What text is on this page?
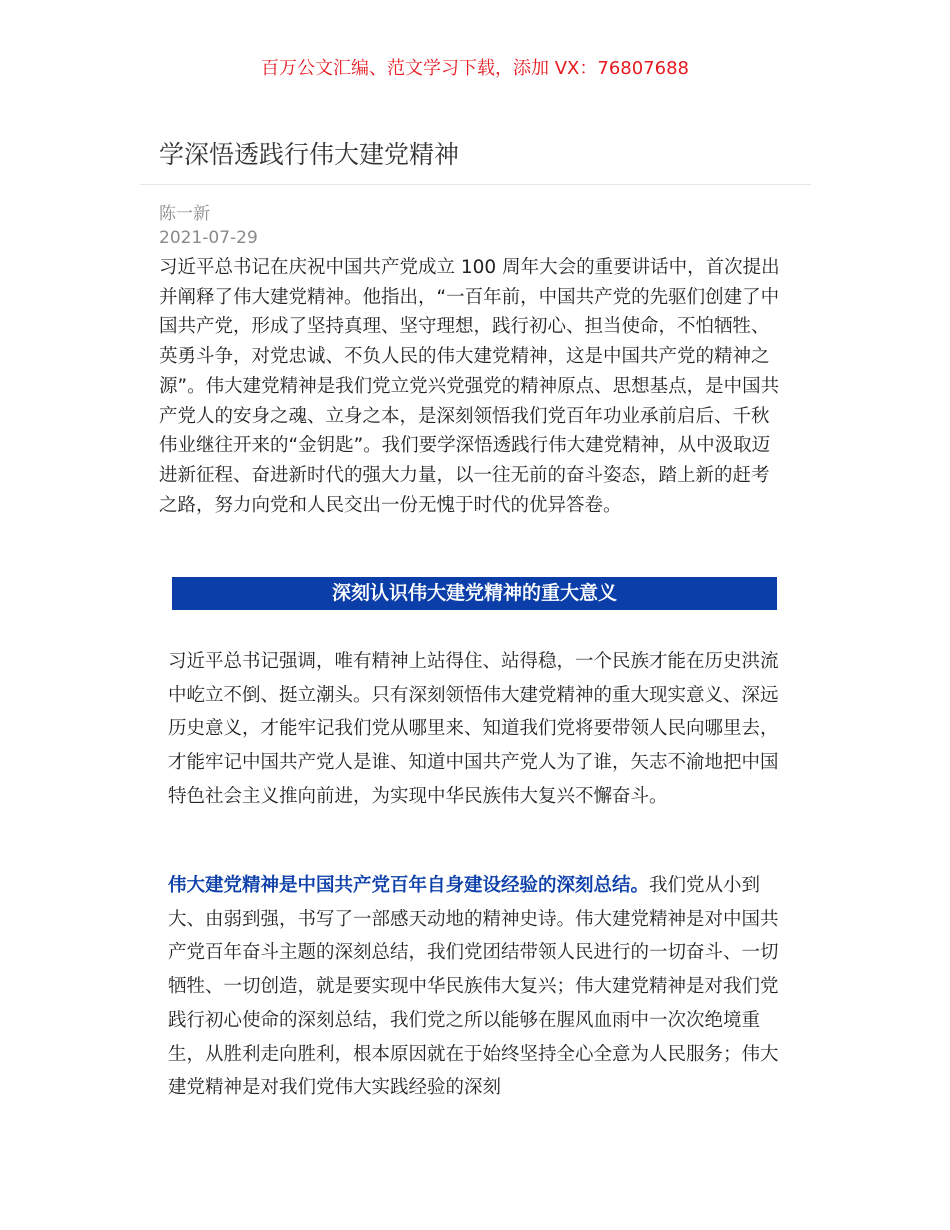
百万公文汇编、范文学习下载，添加 VX：76807688
学深悟透践行伟大建党精神
陈一新
2021-07-29

习近平总书记在庆祝中国共产党成立 100 周年大会的重要讲话中，首次提出并阐释了伟大建党精神。他指出，“一百年前，中国共产党的先驱们创建了中国共产党，形成了坚持真理、坚守理想，践行初心、担当使命，不怕牺牲、英勇斗争，对党忠诚、不负人民的伟大建党精神，这是中国共产党的精神之源”。伟大建党精神是我们党立党兴党强党的精神原点、思想基点，是中国共产党人的安身之魂、立身之本，是深刻领悟我们党百年功业承前启后、千秋伟业继往开来的“金钥匙”。我们要学深悟透践行伟大建党精神，从中汲取迈进新征程、奋进新时代的强大力量，以一往无前的奋斗姿态，踏上新的赶考之路，努力向党和人民交出一份无愧于时代的优异答卷。

深刻认识伟大建党精神的重大意义

习近平总书记强调，唯有精神上站得住、站得稳，一个民族才能在历史洪流中屹立不倒、挺立潮头。只有深刻领悟伟大建党精神的重大现实意义、深远历史意义，才能牢记我们党从哪里来、知道我们党将要带领人民向哪里去，才能牢记中国共产党人是谁、知道中国共产党人为了谁，矢志不渝地把中国特色社会主义推向前进，为实现中华民族伟大复兴不懈奋斗。

伟大建党精神是中国共产党百年自身建设经验的深刻总结。我们党从小到大、由弱到强，书写了一部感天动地的精神史诗。伟大建党精神是对中国共产党百年奋斗主题的深刻总结，我们党团结带领人民进行的一切奋斗、一切牺牲、一切创造，就是要实现中华民族伟大复兴；伟大建党精神是对我们党践行初心使命的深刻总结，我们党之所以能够在腥风血雨中一次次绝境重生，从胜利走向胜利，根本原因就在于始终坚持全心全意为人民服务；伟大建党精神是对我们党伟大实践经验的深刻
